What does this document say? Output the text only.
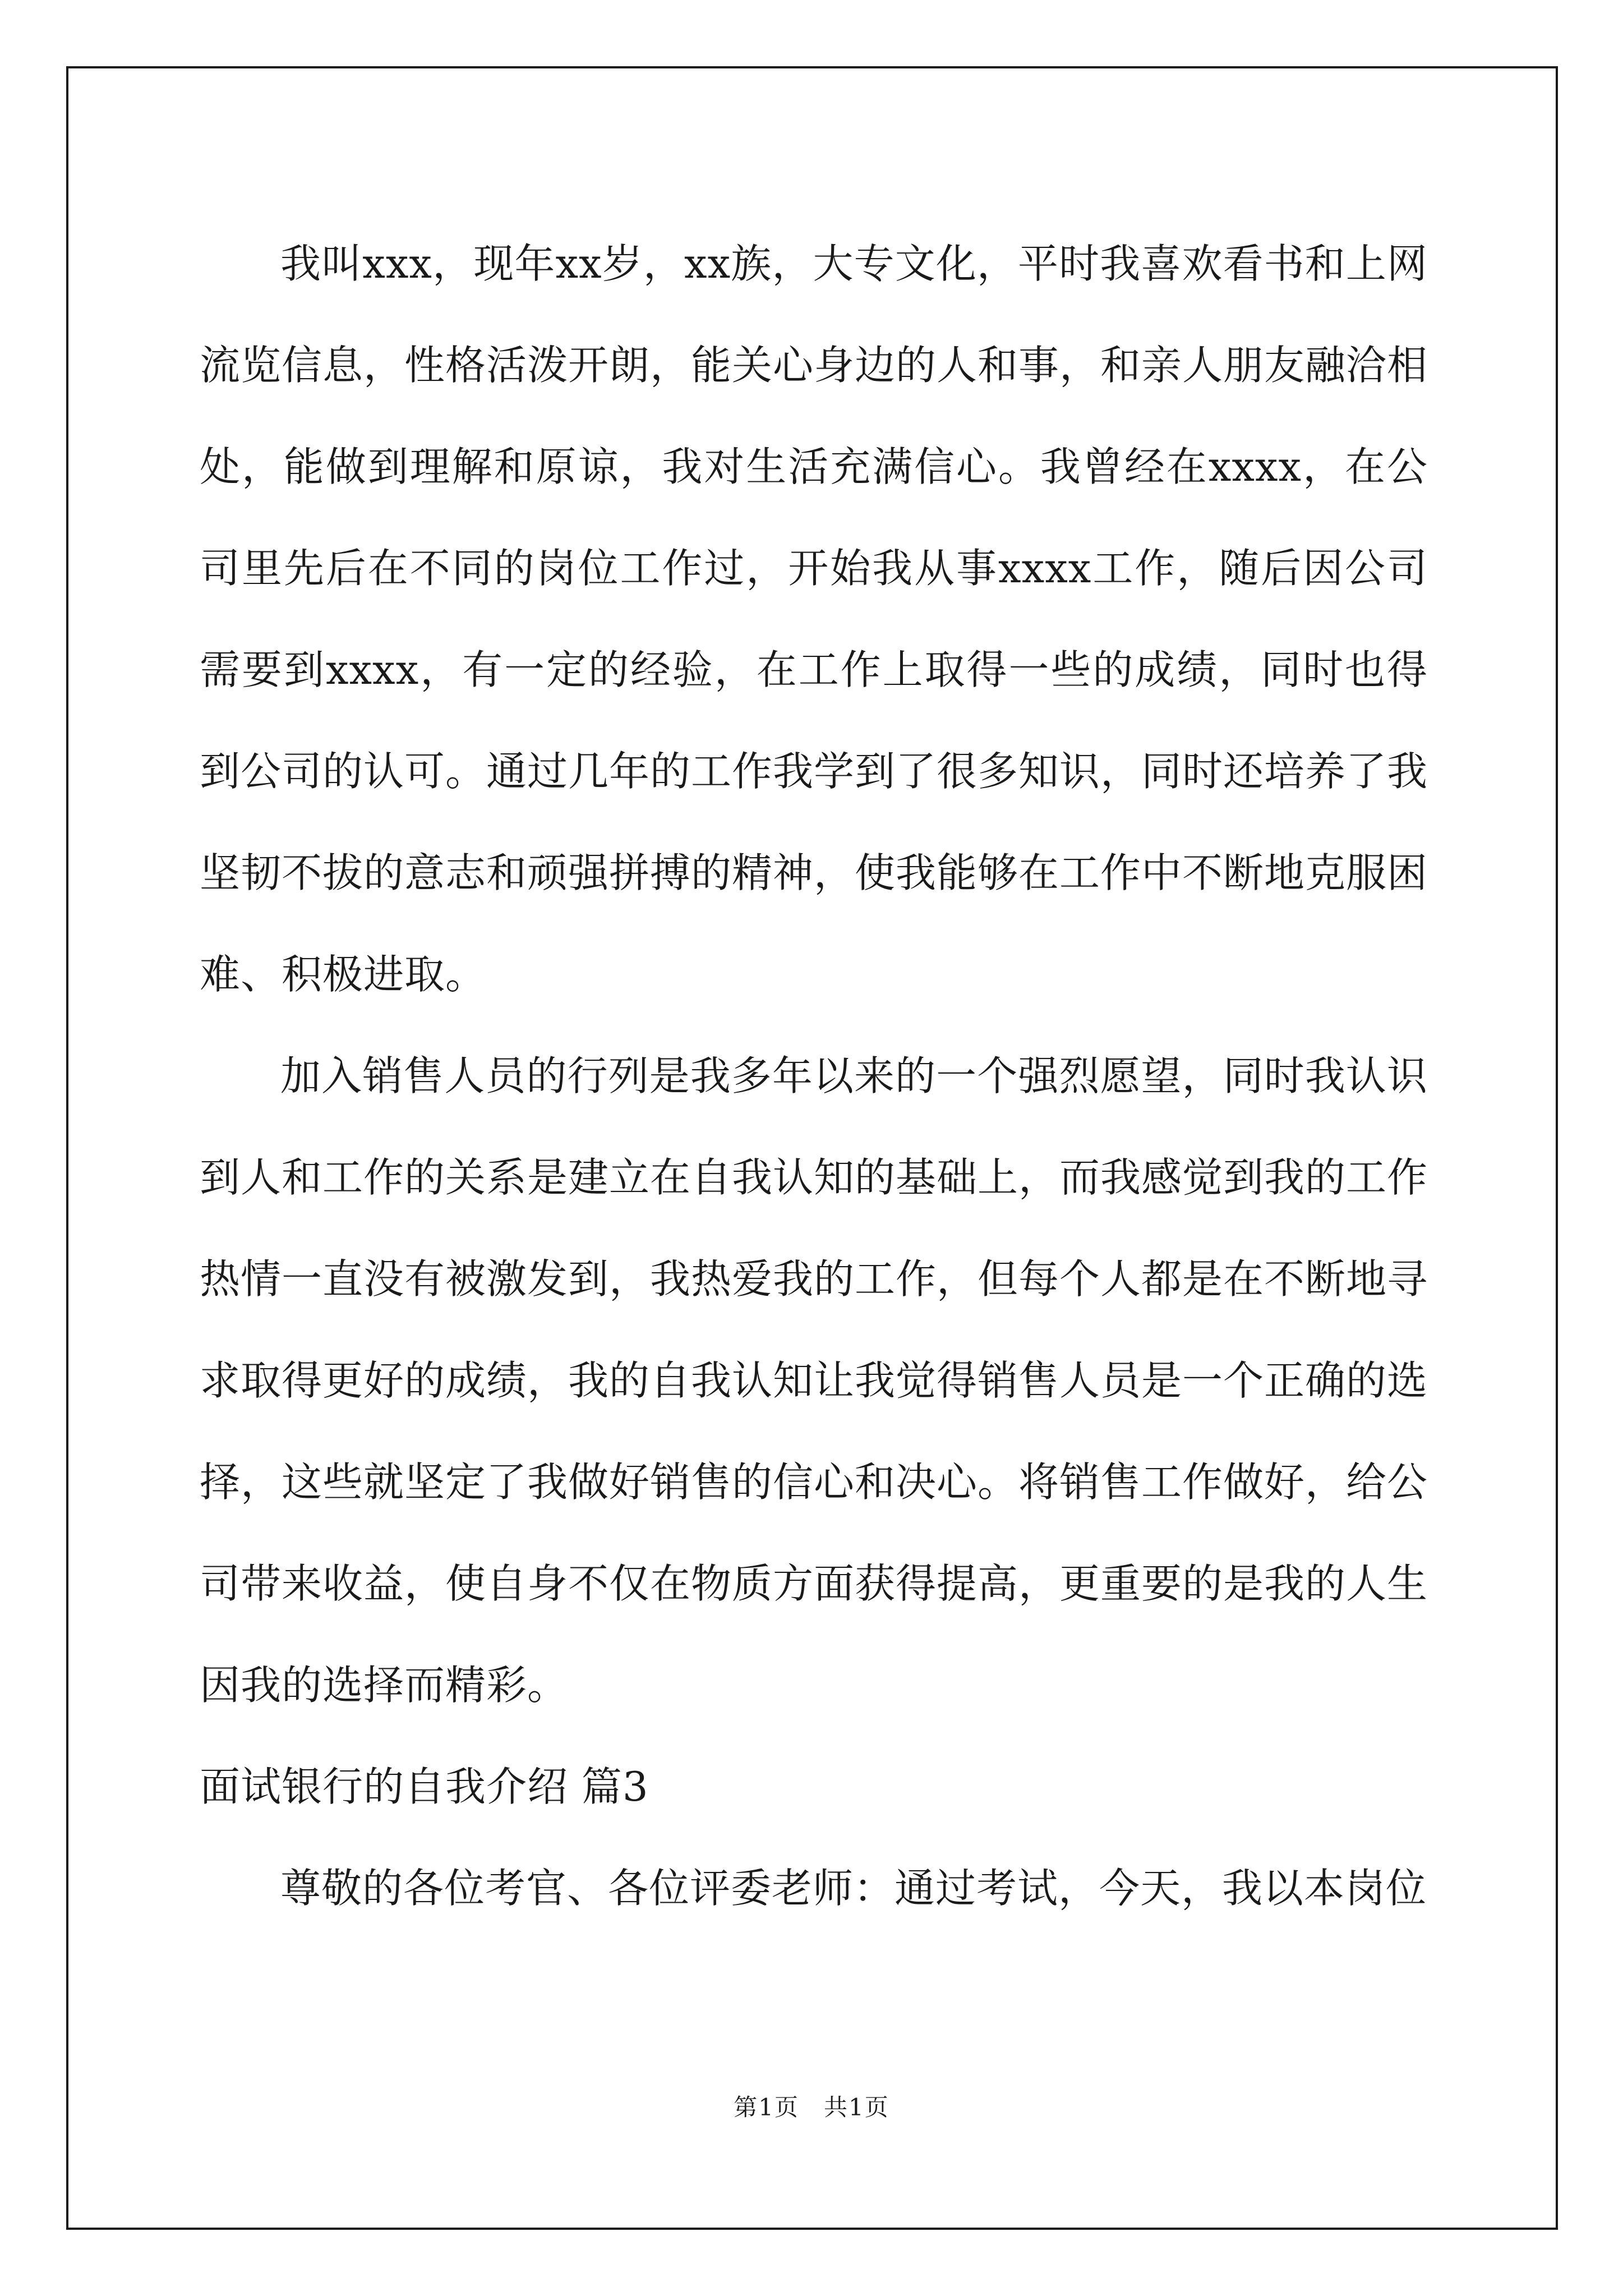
我叫xxx，现年xx岁，xx族，大专文化，平时我喜欢看书和上网流览信息，性格活泼开朗，能关心身边的人和事，和亲人朋友融洽相处，能做到理解和原谅，我对生活充满信心。我曾经在xxxx，在公司里先后在不同的岗位工作过，开始我从事xxxx工作，随后因公司需要到xxxx，有一定的经验，在工作上取得一些的成绩，同时也得到公司的认可。通过几年的工作我学到了很多知识，同时还培养了我坚韧不拔的意志和顽强拼搏的精神，使我能够在工作中不断地克服困难、积极进取。

加入销售人员的行列是我多年以来的一个强烈愿望，同时我认识到人和工作的关系是建立在自我认知的基础上，而我感觉到我的工作热情一直没有被激发到，我热爱我的工作，但每个人都是在不断地寻求取得更好的成绩，我的自我认知让我觉得销售人员是一个正确的选择，这些就坚定了我做好销售的信心和决心。将销售工作做好，给公司带来收益，使自身不仅在物质方面获得提高，更重要的是我的人生因我的选择而精彩。

面试银行的自我介绍 篇3

尊敬的各位考官、各位评委老师：通过考试，今天，我以本岗位

第1页　共1页
